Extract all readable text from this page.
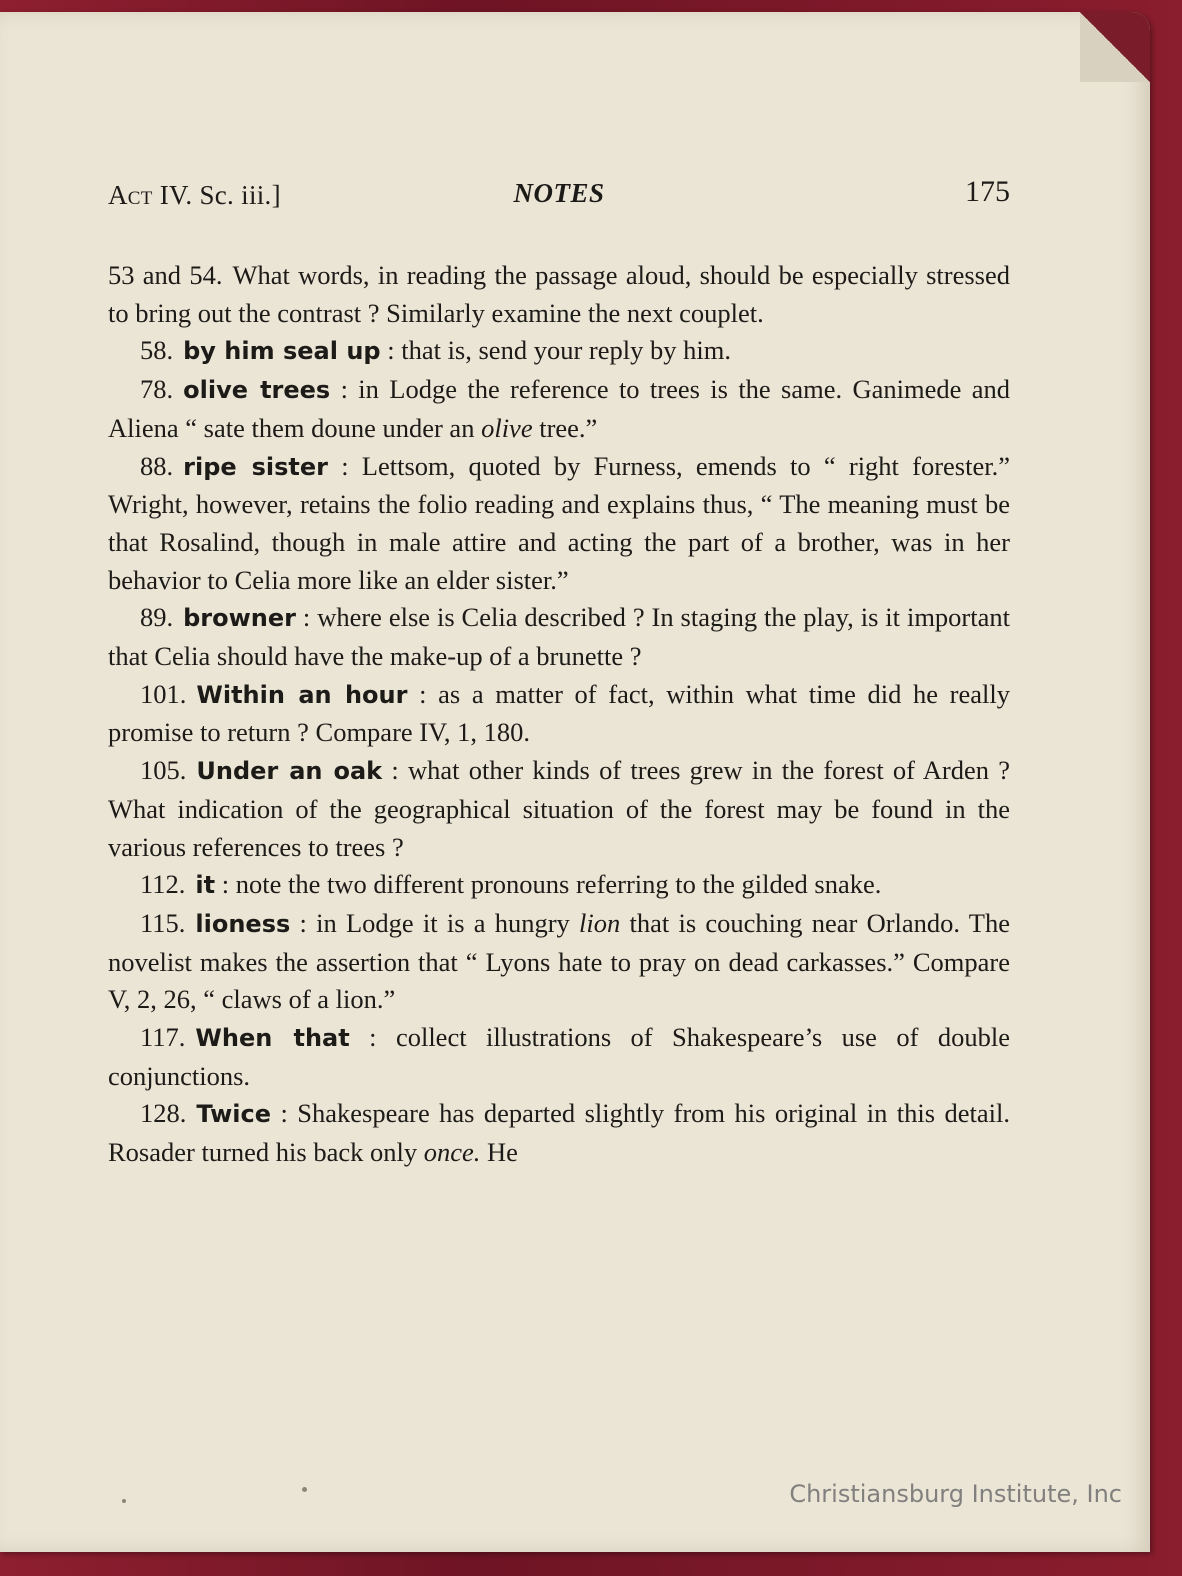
Act IV. Sc. iii.]	NOTES	175

53 and 54. What words, in reading the passage aloud, should be especially stressed to bring out the contrast ? Similarly examine the next couplet.

58. by him seal up : that is, send your reply by him.

78. olive trees : in Lodge the reference to trees is the same. Ganimede and Aliena “ sate them doune under an olive tree.”

88. ripe sister : Lettsom, quoted by Furness, emends to “ right forester.” Wright, however, retains the folio reading and explains thus, “ The meaning must be that Rosalind, though in male attire and acting the part of a brother, was in her behavior to Celia more like an elder sister.”

89. browner : where else is Celia described ? In staging the play, is it important that Celia should have the make-up of a brunette ?

101. Within an hour : as a matter of fact, within what time did he really promise to return ? Compare IV, 1, 180.

105. Under an oak : what other kinds of trees grew in the forest of Arden ? What indication of the geographical situation of the forest may be found in the various references to trees ?

112. it : note the two different pronouns referring to the gilded snake.

115. lioness : in Lodge it is a hungry lion that is couching near Orlando. The novelist makes the assertion that “ Lyons hate to pray on dead carkasses.” Compare V, 2, 26, “ claws of a lion.”

117. When that : collect illustrations of Shakespeare’s use of double conjunctions.

128. Twice : Shakespeare has departed slightly from his original in this detail. Rosader turned his back only once. He

Christiansburg Institute, Inc
